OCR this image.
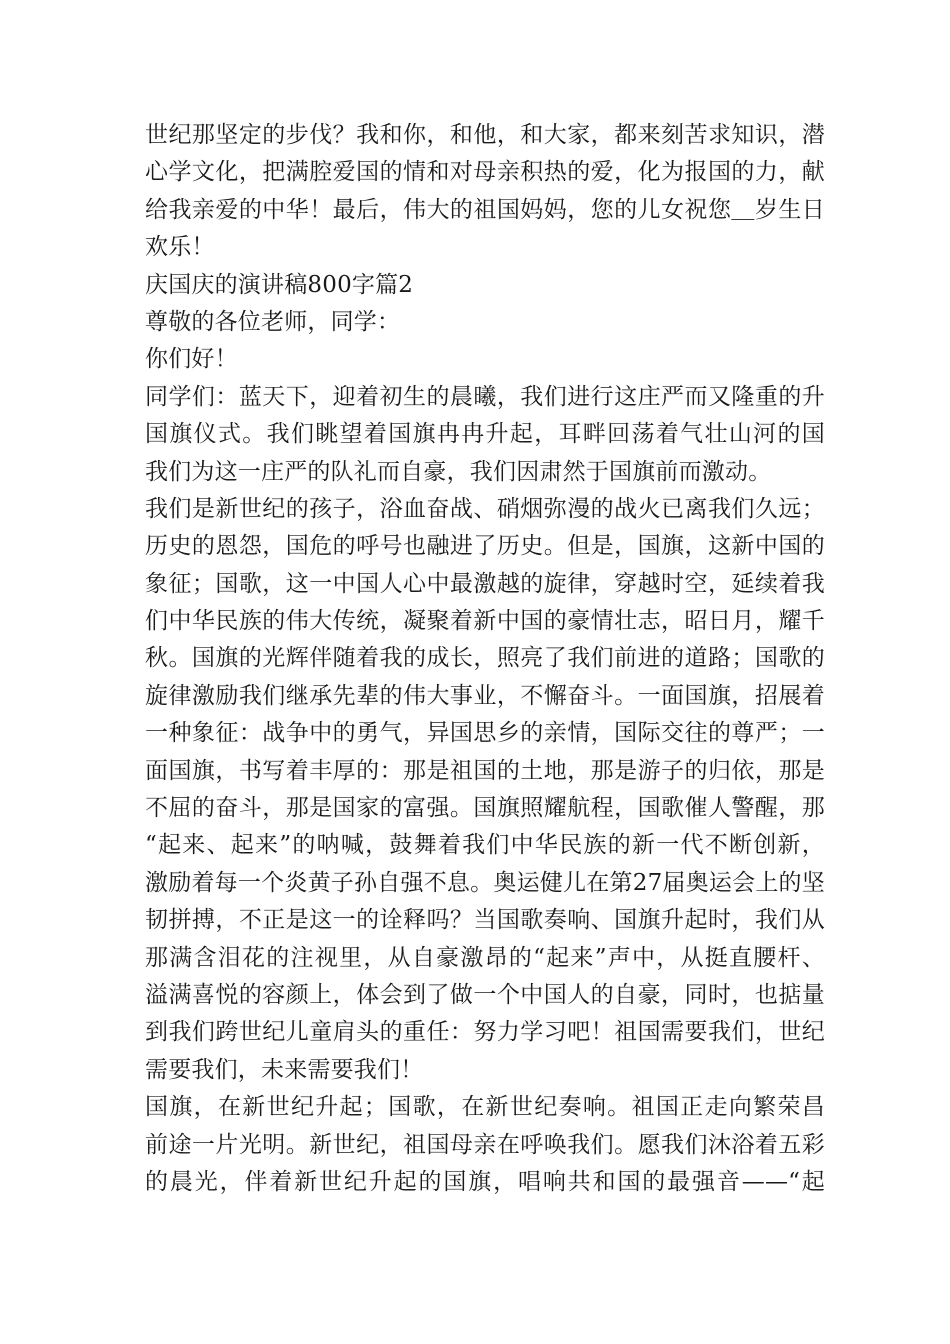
世纪那坚定的步伐？我和你，和他，和大家，都来刻苦求知识，潜
心学文化，把满腔爱国的情和对母亲积热的爱，化为报国的力，献
给我亲爱的中华！最后，伟大的祖国妈妈，您的儿女祝您＿岁生日
欢乐！
庆国庆的演讲稿800字篇2
尊敬的各位老师，同学：
你们好！
同学们：蓝天下，迎着初生的晨曦，我们进行这庄严而又隆重的升
国旗仪式。我们眺望着国旗冉冉升起，耳畔回荡着气壮山河的国
我们为这一庄严的队礼而自豪，我们因肃然于国旗前而激动。
我们是新世纪的孩子，浴血奋战、硝烟弥漫的战火已离我们久远；
历史的恩怨，国危的呼号也融进了历史。但是，国旗，这新中国的
象征；国歌，这一中国人心中最激越的旋律，穿越时空，延续着我
们中华民族的伟大传统，凝聚着新中国的豪情壮志，昭日月，耀千
秋。国旗的光辉伴随着我的成长，照亮了我们前进的道路；国歌的
旋律激励我们继承先辈的伟大事业，不懈奋斗。一面国旗，招展着
一种象征：战争中的勇气，异国思乡的亲情，国际交往的尊严；一
面国旗，书写着丰厚的：那是祖国的土地，那是游子的归依，那是
不屈的奋斗，那是国家的富强。国旗照耀航程，国歌催人警醒，那
“起来、起来”的呐喊，鼓舞着我们中华民族的新一代不断创新，
激励着每一个炎黄子孙自强不息。奥运健儿在第27届奥运会上的坚
韧拼搏，不正是这一的诠释吗？当国歌奏响、国旗升起时，我们从
那满含泪花的注视里，从自豪激昂的“起来”声中，从挺直腰杆、
溢满喜悦的容颜上，体会到了做一个中国人的自豪，同时，也掂量
到我们跨世纪儿童肩头的重任：努力学习吧！祖国需要我们，世纪
需要我们，未来需要我们！
国旗，在新世纪升起；国歌，在新世纪奏响。祖国正走向繁荣昌
前途一片光明。新世纪，祖国母亲在呼唤我们。愿我们沐浴着五彩
的晨光，伴着新世纪升起的国旗，唱响共和国的最强音——“起
